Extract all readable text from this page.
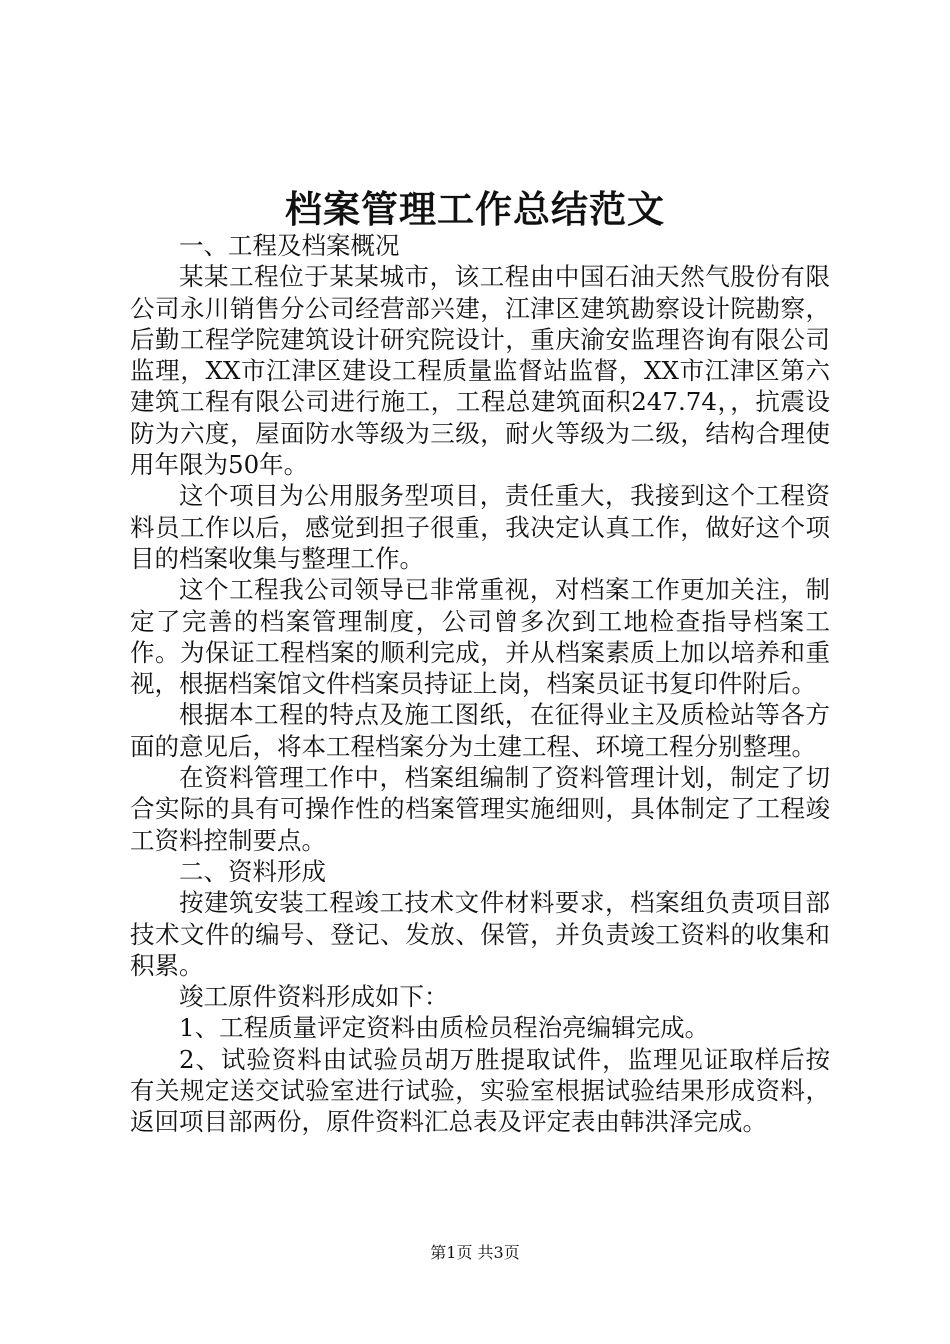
档案管理工作总结范文

一、工程及档案概况

某某工程位于某某城市，该工程由中国石油天然气股份有限公司永川销售分公司经营部兴建，江津区建筑勘察设计院勘察，后勤工程学院建筑设计研究院设计，重庆渝安监理咨询有限公司监理，XX市江津区建设工程质量监督站监督，XX市江津区第六建筑工程有限公司进行施工，工程总建筑面积247.74，，抗震设防为六度，屋面防水等级为三级，耐火等级为二级，结构合理使用年限为50年。

这个项目为公用服务型项目，责任重大，我接到这个工程资料员工作以后，感觉到担子很重，我决定认真工作，做好这个项目的档案收集与整理工作。

这个工程我公司领导已非常重视，对档案工作更加关注，制定了完善的档案管理制度，公司曾多次到工地检查指导档案工作。为保证工程档案的顺利完成，并从档案素质上加以培养和重视，根据档案馆文件档案员持证上岗，档案员证书复印件附后。

根据本工程的特点及施工图纸，在征得业主及质检站等各方面的意见后，将本工程档案分为土建工程、环境工程分别整理。

在资料管理工作中，档案组编制了资料管理计划，制定了切合实际的具有可操作性的档案管理实施细则，具体制定了工程竣工资料控制要点。

二、资料形成

按建筑安装工程竣工技术文件材料要求，档案组负责项目部技术文件的编号、登记、发放、保管，并负责竣工资料的收集和积累。

竣工原件资料形成如下：

1、工程质量评定资料由质检员程治亮编辑完成。

2、试验资料由试验员胡万胜提取试件，监理见证取样后按有关规定送交试验室进行试验，实验室根据试验结果形成资料，返回项目部两份，原件资料汇总表及评定表由韩洪泽完成。

第1页 共3页
